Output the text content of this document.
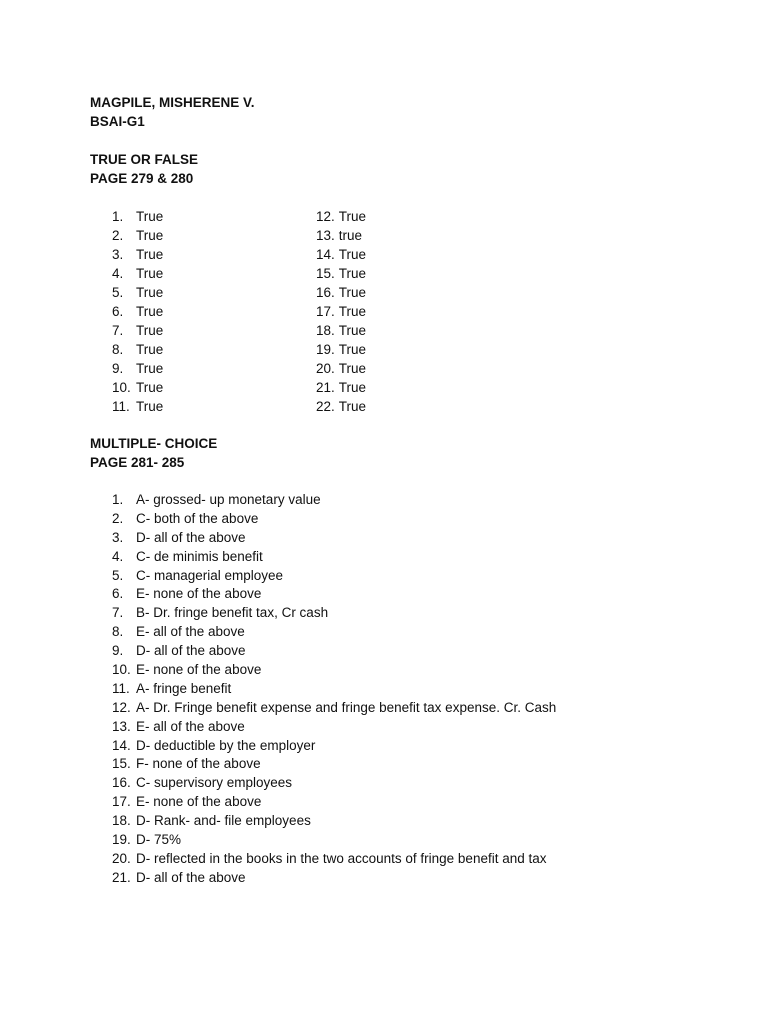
MAGPILE, MISHERENE V.
BSAI-G1
TRUE OR FALSE
PAGE 279 & 280
1. True
2. True
3. True
4. True
5. True
6. True
7. True
8. True
9. True
10. True
11. True
12. True
13. true
14. True
15. True
16. True
17. True
18. True
19. True
20. True
21. True
22. True
MULTIPLE- CHOICE
PAGE 281- 285
1. A- grossed- up monetary value
2. C- both of the above
3. D- all of the above
4. C- de minimis benefit
5. C- managerial employee
6. E- none of the above
7. B- Dr. fringe benefit tax, Cr cash
8. E- all of the above
9. D- all of the above
10. E- none of the above
11. A- fringe benefit
12. A- Dr. Fringe benefit expense and fringe benefit tax expense. Cr. Cash
13. E- all of the above
14. D- deductible by the employer
15. F- none of the above
16. C- supervisory employees
17. E- none of the above
18. D- Rank- and- file employees
19. D- 75%
20. D- reflected in the books in the two accounts of fringe benefit and tax
21. D- all of the above
